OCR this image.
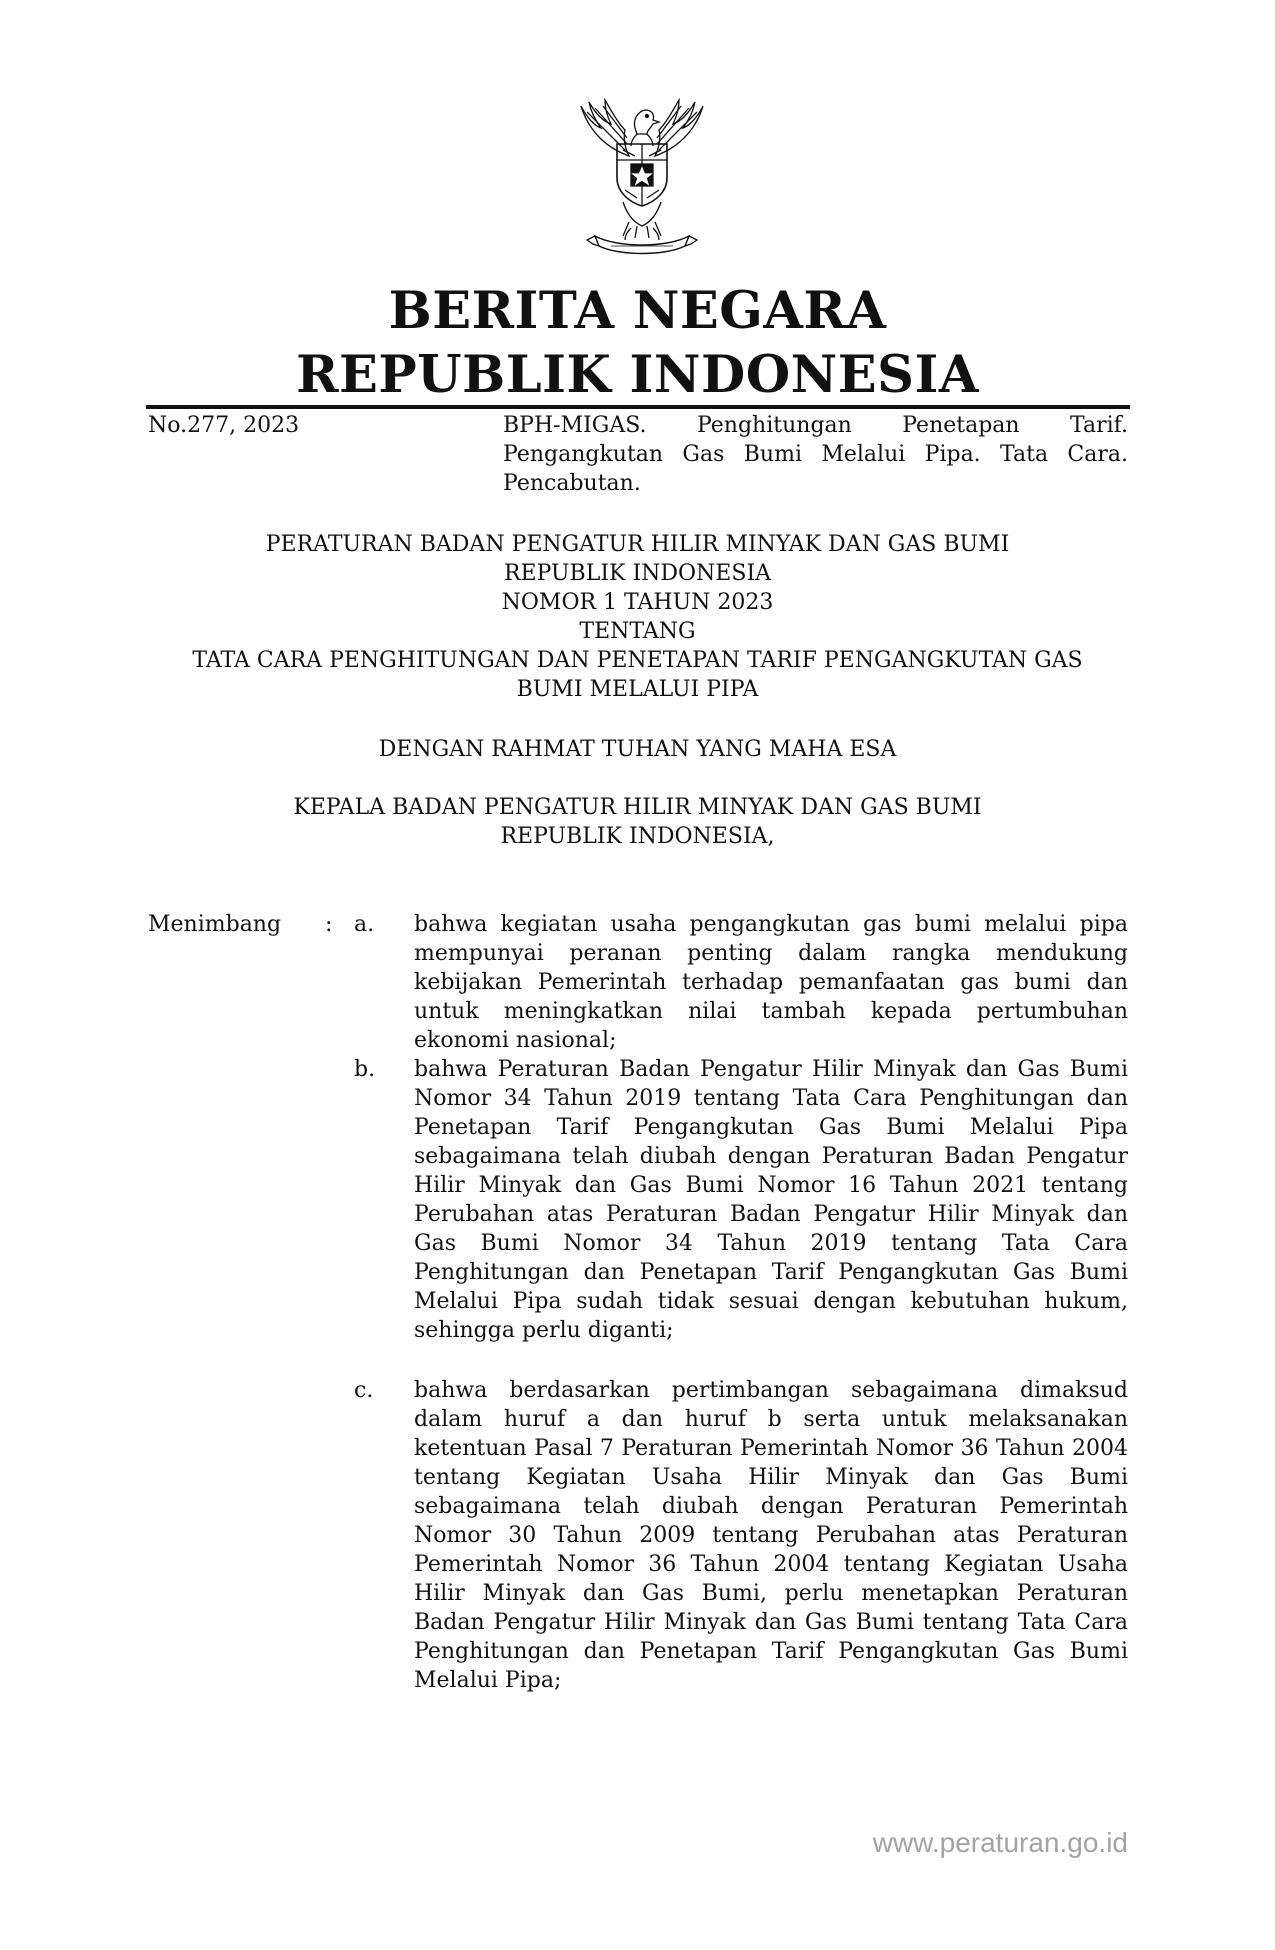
BERITA NEGARA
REPUBLIK INDONESIA
No.277, 2023	BPH-MIGAS. Penghitungan Penetapan Tarif. Pengangkutan Gas Bumi Melalui Pipa. Tata Cara. Pencabutan.
PERATURAN BADAN PENGATUR HILIR MINYAK DAN GAS BUMI
REPUBLIK INDONESIA
NOMOR 1 TAHUN 2023
TENTANG
TATA CARA PENGHITUNGAN DAN PENETAPAN TARIF PENGANGKUTAN GAS
BUMI MELALUI PIPA
DENGAN RAHMAT TUHAN YANG MAHA ESA
KEPALA BADAN PENGATUR HILIR MINYAK DAN GAS BUMI
REPUBLIK INDONESIA,
Menimbang : a. bahwa kegiatan usaha pengangkutan gas bumi melalui pipa mempunyai peranan penting dalam rangka mendukung kebijakan Pemerintah terhadap pemanfaatan gas bumi dan untuk meningkatkan nilai tambah kepada pertumbuhan ekonomi nasional;
b. bahwa Peraturan Badan Pengatur Hilir Minyak dan Gas Bumi Nomor 34 Tahun 2019 tentang Tata Cara Penghitungan dan Penetapan Tarif Pengangkutan Gas Bumi Melalui Pipa sebagaimana telah diubah dengan Peraturan Badan Pengatur Hilir Minyak dan Gas Bumi Nomor 16 Tahun 2021 tentang Perubahan atas Peraturan Badan Pengatur Hilir Minyak dan Gas Bumi Nomor 34 Tahun 2019 tentang Tata Cara Penghitungan dan Penetapan Tarif Pengangkutan Gas Bumi Melalui Pipa sudah tidak sesuai dengan kebutuhan hukum, sehingga perlu diganti;
c. bahwa berdasarkan pertimbangan sebagaimana dimaksud dalam huruf a dan huruf b serta untuk melaksanakan ketentuan Pasal 7 Peraturan Pemerintah Nomor 36 Tahun 2004 tentang Kegiatan Usaha Hilir Minyak dan Gas Bumi sebagaimana telah diubah dengan Peraturan Pemerintah Nomor 30 Tahun 2009 tentang Perubahan atas Peraturan Pemerintah Nomor 36 Tahun 2004 tentang Kegiatan Usaha Hilir Minyak dan Gas Bumi, perlu menetapkan Peraturan Badan Pengatur Hilir Minyak dan Gas Bumi tentang Tata Cara Penghitungan dan Penetapan Tarif Pengangkutan Gas Bumi Melalui Pipa;
www.peraturan.go.id
